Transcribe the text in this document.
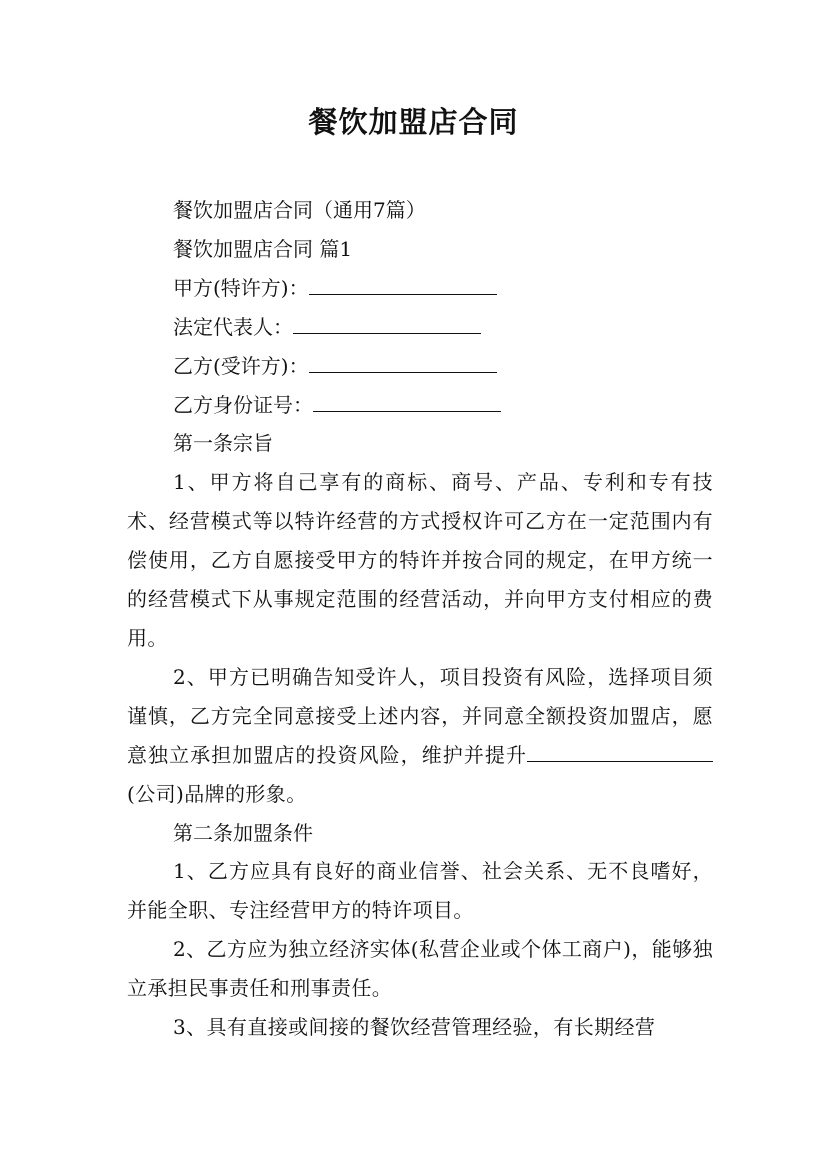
餐饮加盟店合同
餐饮加盟店合同（通用7篇）
餐饮加盟店合同 篇1
甲方(特许方)：
法定代表人：
乙方(受许方)：
乙方身份证号：
第一条宗旨

1、甲方将自己享有的商标、商号、产品、专利和专有技术、经营模式等以特许经营的方式授权许可乙方在一定范围内有偿使用，乙方自愿接受甲方的特许并按合同的规定，在甲方统一的经营模式下从事规定范围的经营活动，并向甲方支付相应的费用。

2、甲方已明确告知受许人，项目投资有风险，选择项目须谨慎，乙方完全同意接受上述内容，并同意全额投资加盟店，愿意独立承担加盟店的投资风险，维护并提升(公司)品牌的形象。

第二条加盟条件

1、乙方应具有良好的商业信誉、社会关系、无不良嗜好，并能全职、专注经营甲方的特许项目。

2、乙方应为独立经济实体(私营企业或个体工商户)，能够独立承担民事责任和刑事责任。

3、具有直接或间接的餐饮经营管理经验，有长期经营
